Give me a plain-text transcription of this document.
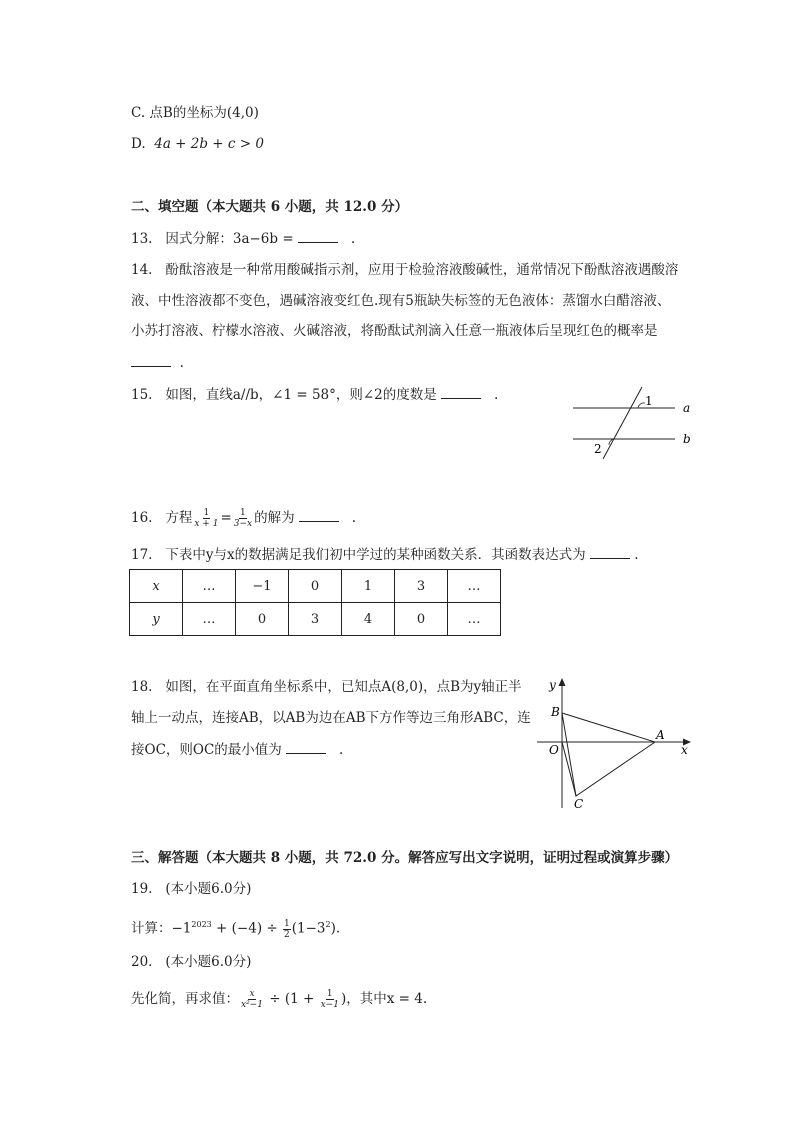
C. 点B的坐标为(4,0)
D. 4a + 2b + c > 0
二、填空题（本大题共 6 小题，共 12.0 分）
13. 因式分解：3a−6b =	.
14. 酚酞溶液是一种常用酸碱指示剂，应用于检验溶液酸碱性，通常情况下酚酞溶液遇酸溶
液、中性溶液都不变色，遇碱溶液变红色.现有5瓶缺失标签的无色液体：蒸馏水白醋溶液、
小苏打溶液、柠檬水溶液、火碱溶液，将酚酞试剂滴入任意一瓶液体后呈现红色的概率是
.
15. 如图，直线a//b，∠1 = 58°，则∠2的度数是	.	1
2
a
b
16. 方程 $\frac{1}{x + 1} = \frac{1}{3-x}$ 的解为	.
17. 下表中y与x的数据满足我们初中学过的某种函数关系．其函数表达式为	.
x	…	−1	0	1	3	…
y	…	0	3	4	0	…
18. 如图，在平面直角坐标系中，已知点A(8,0)，点B为y轴正半
轴上一动点，连接AB，以AB为边在AB下方作等边三角形ABC，连
接OC，则OC的最小值为	.
y
x
B
A
O
C
三、解答题（本大题共 8 小题，共 72.0 分。解答应写出文字说明，证明过程或演算步骤）
19. (本小题6.0分)
计算：$-1^{2023} + (-4) \div \frac{1}{2} (1-3^2)$.
20. (本小题6.0分)
先化简，再求值： $\frac{x}{\text{x²−1}} \div (1 + \frac{1}{x-1}$ )，其中x = 4.
